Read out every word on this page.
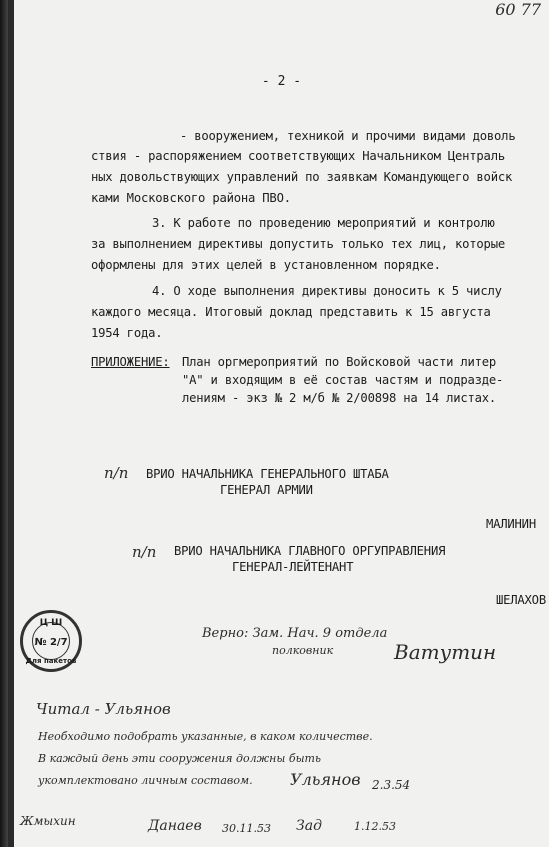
60 77
- 2 -
- вооружением, техникой и прочими видами доволь
ствия - распоряжением соответствующих Начальником Централь
ных довольствующих управлений по заявкам Командующего войск
ками Московского района ПВО.
3. К работе по проведению мероприятий и контролю
за выполнением директивы допустить только тех лиц, которые
оформлены для этих целей в установленном порядке.
4. О ходе выполнения директивы доносить к 5 числу
каждого месяца. Итоговый доклад представить к 15 августа
1954 года.
ПРИЛОЖЕНИЕ: План оргмероприятий по Войсковой части литер
"А" и входящим в её состав частям и подразде-
лениям - экз № 2 м/б № 2/00898 на 14 листах.
п/п ВРИО НАЧАЛЬНИКА ГЕНЕРАЛЬНОГО ШТАБА
ГЕНЕРАЛ АРМИИ
МАЛИНИН
п/п ВРИО НАЧАЛЬНИКА ГЛАВНОГО ОРГУПРАВЛЕНИЯ
ГЕНЕРАЛ-ЛЕЙТЕНАНТ
ШЕЛАХОВ
Ц Ш
№ 2/7
Для пакетов
Верно: Зам. Нач. 9 отдела
полковник	Ватутин
Читал - Ульянов
Необходимо подобрать указанные, в каком количестве.
В каждый день эти сооружения должны быть
укомплектовано личным составом. Ульянов 2.3.54
Жмыхин	Данаев 30.11.53 Зад	1.12.53
